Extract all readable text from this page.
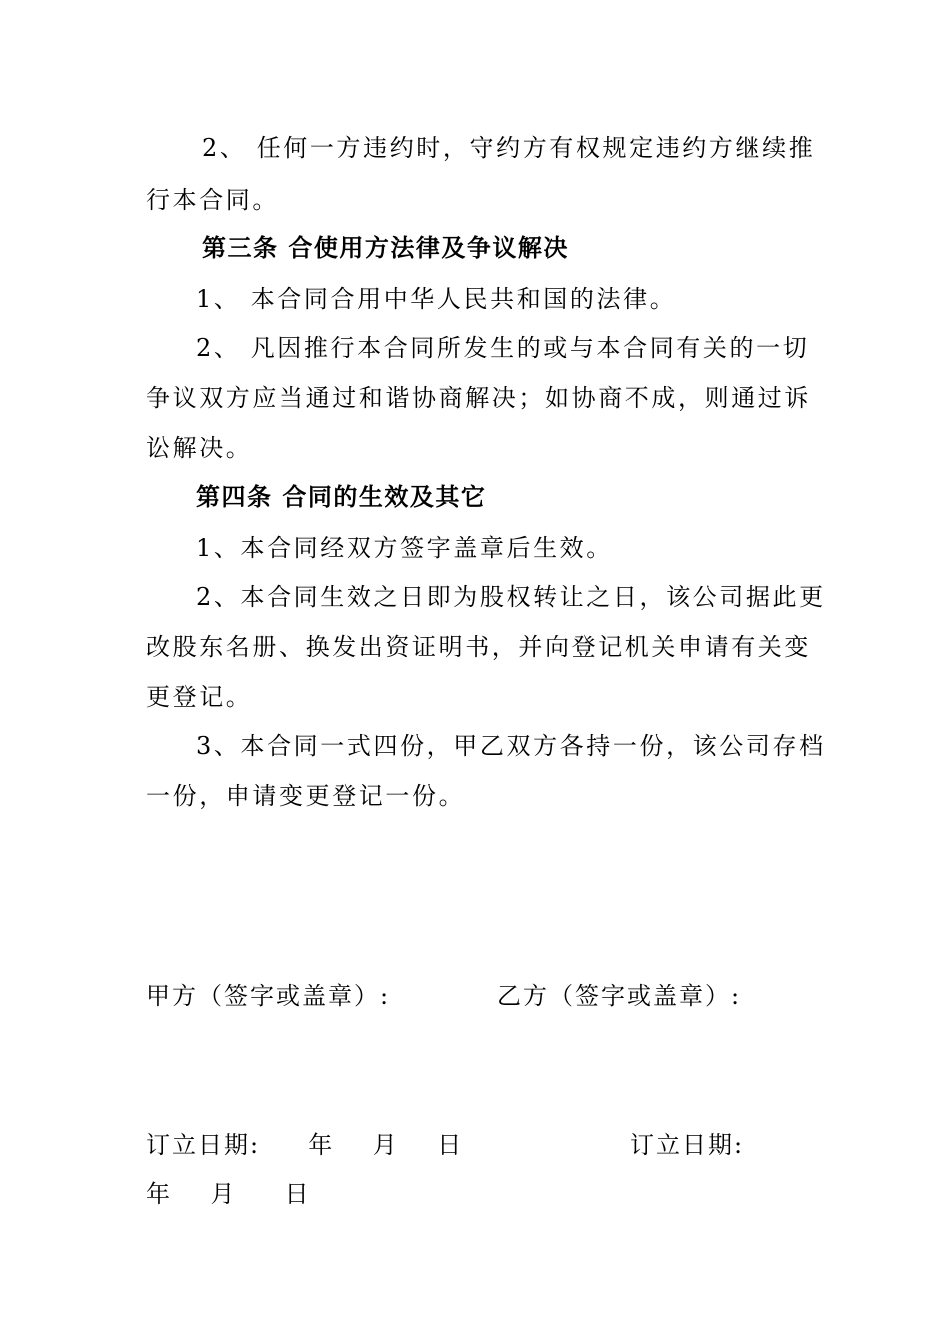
2、 任何一方违约时，守约方有权规定违约方继续推
行本合同。
第三条 合使用方法律及争议解决
1、 本合同合用中华人民共和国的法律。
2、 凡因推行本合同所发生的或与本合同有关的一切
争议双方应当通过和谐协商解决；如协商不成，则通过诉
讼解决。
第四条 合同的生效及其它
1、本合同经双方签字盖章后生效。
2、本合同生效之日即为股权转让之日，该公司据此更
改股东名册、换发出资证明书，并向登记机关申请有关变
更登记。
3、本合同一式四份，甲乙双方各持一份，该公司存档
一份，申请变更登记一份。
甲方（签字或盖章）:	乙方（签字或盖章）:
订立日期:     年    月    日	订立日期:
年    月     日
